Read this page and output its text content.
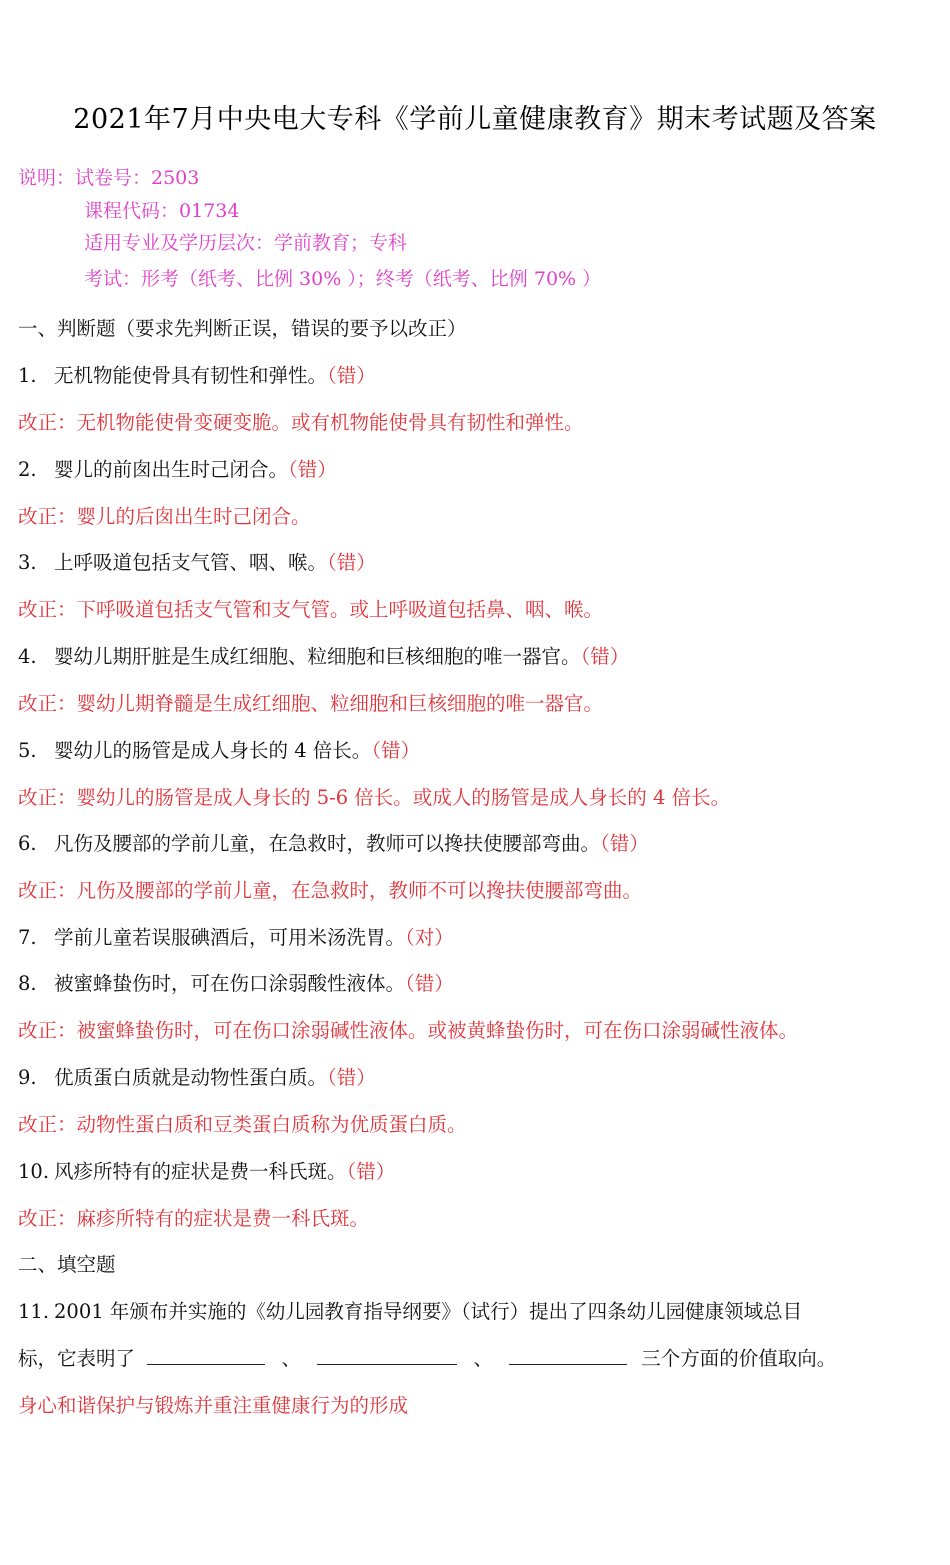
2021年7月中央电大专科《学前儿童健康教育》期末考试题及答案
说明：试卷号：2503
课程代码：01734
适用专业及学历层次：学前教育；专科
考试：形考（纸考、比例 30% ）；终考（纸考、比例 70% ）
一、判断题（要求先判断正误，错误的要予以改正）
1. 无机物能使骨具有韧性和弹性。（错）
改正：无机物能使骨变硬变脆。或有机物能使骨具有韧性和弹性。
2. 婴儿的前囱出生时己闭合。（错）
改正：婴儿的后囱出生时己闭合。
3. 上呼吸道包括支气管、咽、喉。（错）
改正：下呼吸道包括支气管和支气管。或上呼吸道包括鼻、咽、喉。
4. 婴幼儿期肝脏是生成红细胞、粒细胞和巨核细胞的唯一器官。（错）
改正：婴幼儿期脊髓是生成红细胞、粒细胞和巨核细胞的唯一器官。
5. 婴幼儿的肠管是成人身长的 4 倍长。（错）
改正：婴幼儿的肠管是成人身长的 5-6 倍长。或成人的肠管是成人身长的 4 倍长。
6. 凡伤及腰部的学前儿童，在急救时，教师可以搀扶使腰部弯曲。（错）
改正：凡伤及腰部的学前儿童，在急救时，教师不可以搀扶使腰部弯曲。
7. 学前儿童若误服碘酒后，可用米汤洗胃。（对）
8. 被蜜蜂蛰伤时，可在伤口涂弱酸性液体。（错）
改正：被蜜蜂蛰伤时，可在伤口涂弱碱性液体。或被黄蜂蛰伤时，可在伤口涂弱碱性液体。
9. 优质蛋白质就是动物性蛋白质。（错）
改正：动物性蛋白质和豆类蛋白质称为优质蛋白质。
10. 风疹所特有的症状是费一科氏斑。（错）
改正：麻疹所特有的症状是费一科氏斑。
二、填空题
11. 2001 年颁布并实施的《幼儿园教育指导纲要》（试行）提出了四条幼儿园健康领域总目
标，它表明了	、	、	三个方面的价值取向。
身心和谐保护与锻炼并重注重健康行为的形成
